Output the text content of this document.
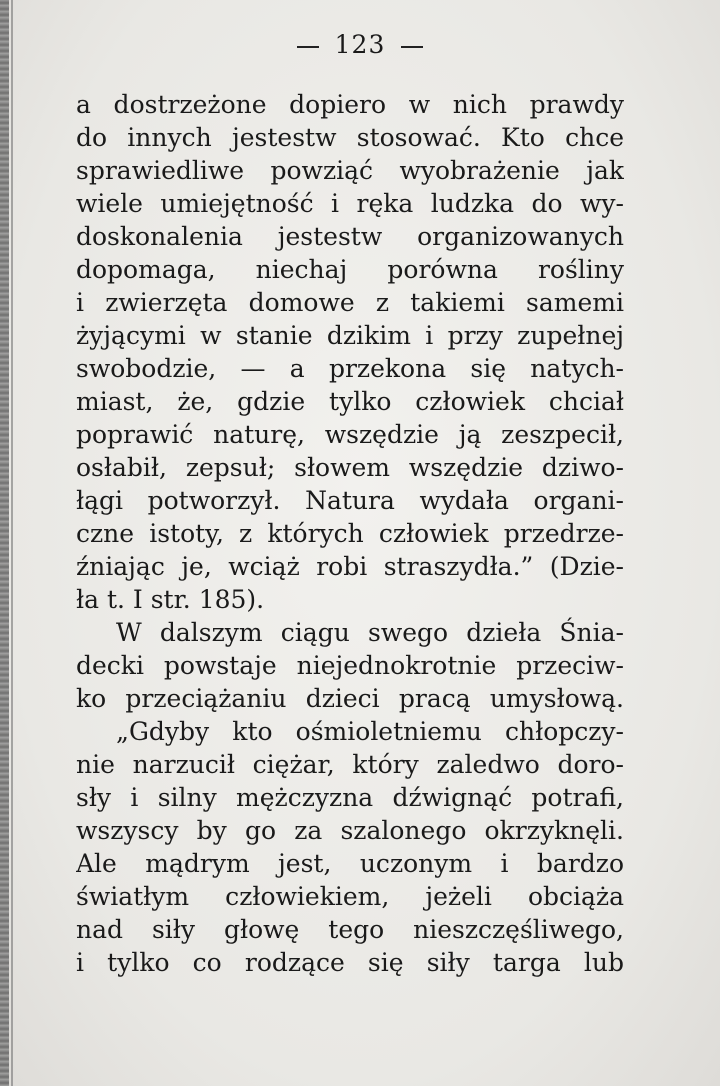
123
a dostrzeżone dopiero w nich prawdy
do innych jestestw stosować. Kto chce
sprawiedliwe powziąć wyobrażenie jak
wiele umiejętność i ręka ludzka do wy-
doskonalenia jestestw organizowanych
dopomaga, niechaj porówna rośliny
i zwierzęta domowe z takiemi samemi
żyjącymi w stanie dzikim i przy zupełnej
swobodzie, — a przekona się natych-
miast, że, gdzie tylko człowiek chciał
poprawić naturę, wszędzie ją zeszpecił,
osłabił, zepsuł; słowem wszędzie dziwo-
łągi potworzył. Natura wydała organi-
czne istoty, z których człowiek przedrze-
źniając je, wciąż robi straszydła.” (Dzie-
ła t. I str. 185).
W dalszym ciągu swego dzieła Śnia-
decki powstaje niejednokrotnie przeciw-
ko przeciążaniu dzieci pracą umysłową.
„Gdyby kto ośmioletniemu chłopczy-
nie narzucił ciężar, który zaledwo doro-
sły i silny mężczyzna dźwignąć potrafi,
wszyscy by go za szalonego okrzyknęli.
Ale mądrym jest, uczonym i bardzo
światłym człowiekiem, jeżeli obciąża
nad siły głowę tego nieszczęśliwego,
i tylko co rodzące się siły targa lub
